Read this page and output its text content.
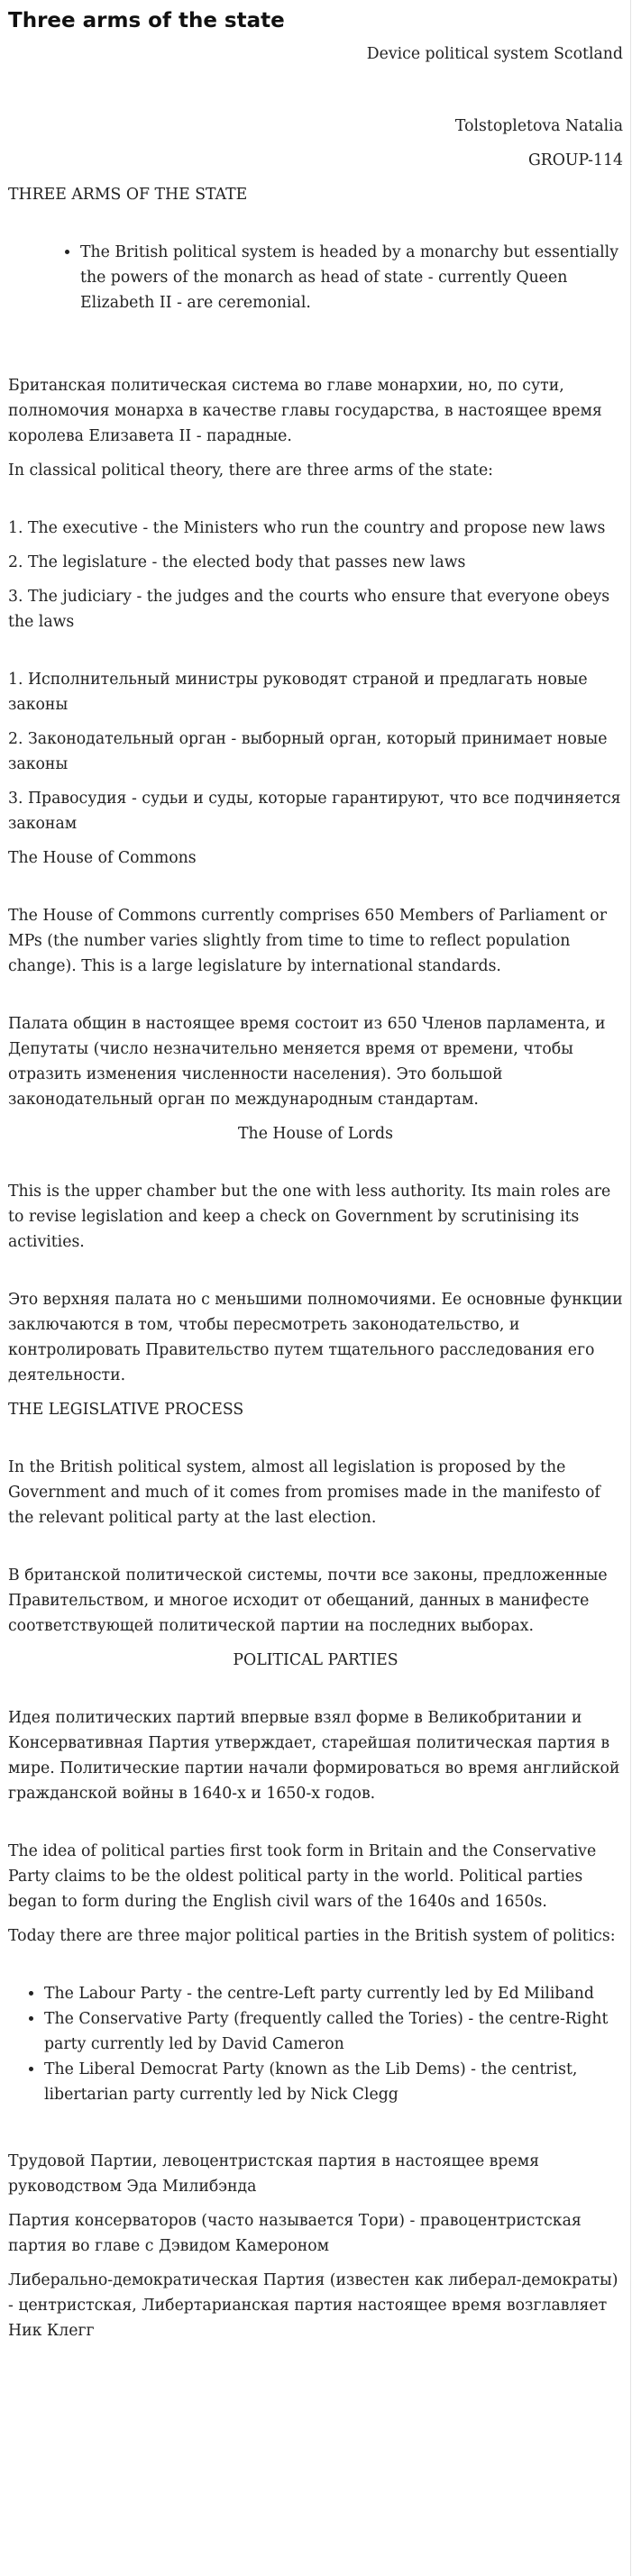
Three arms of the state

Device political system Scotland

Tolstopletova Natalia

GROUP-114

THREE ARMS OF THE STATE

• The British political system is headed by a monarchy but essentially the powers of the monarch as head of state - currently Queen Elizabeth II - are ceremonial.

Британская политическая система во главе монархии, но, по сути, полномочия монарха в качестве главы государства, в настоящее время королева Елизавета II - парадные.

In classical political theory, there are three arms of the state:

1. The executive - the Ministers who run the country and propose new laws

2. The legislature - the elected body that passes new laws

3. The judiciary - the judges and the courts who ensure that everyone obeys the laws

1. Исполнительный министры руководят страной и предлагать новые законы

2. Законодательный орган - выборный орган, который принимает новые законы

3. Правосудия - судьи и суды, которые гарантируют, что все подчиняется законам

The House of Commons

The House of Commons currently comprises 650 Members of Parliament or MPs (the number varies slightly from time to time to reflect population change). This is a large legislature by international standards.

Палата общин в настоящее время состоит из 650 Членов парламента, и Депутаты (число незначительно меняется время от времени, чтобы отразить изменения численности населения). Это большой законодательный орган по международным стандартам.

The House of Lords

This is the upper chamber but the one with less authority. Its main roles are to revise legislation and keep a check on Government by scrutinising its activities.

Это верхняя палата но с меньшими полномочиями. Ее основные функции заключаются в том, чтобы пересмотреть законодательство, и контролировать Правительство путем тщательного расследования его деятельности.

THE LEGISLATIVE PROCESS

In the British political system, almost all legislation is proposed by the Government and much of it comes from promises made in the manifesto of the relevant political party at the last election.

В британской политической системы, почти все законы, предложенные Правительством, и многое исходит от обещаний, данных в манифесте соответствующей политической партии на последних выборах.

POLITICAL PARTIES

Идея политических партий впервые взял форме в Великобритании и Консервативная Партия утверждает, старейшая политическая партия в мире. Политические партии начали формироваться во время английской гражданской войны в 1640-х и 1650-х годов.

The idea of political parties first took form in Britain and the Conservative Party claims to be the oldest political party in the world. Political parties began to form during the English civil wars of the 1640s and 1650s.

Today there are three major political parties in the British system of politics:

• The Labour Party - the centre-Left party currently led by Ed Miliband
• The Conservative Party (frequently called the Tories) - the centre-Right party currently led by David Cameron
• The Liberal Democrat Party (known as the Lib Dems) - the centrist, libertarian party currently led by Nick Clegg

Трудовой Партии, левоцентристская партия в настоящее время руководством Эда Милибэнда

Партия консерваторов (часто называется Тори) - правоцентристская партия во главе с Дэвидом Камероном

Либерально-демократическая Партия (известен как либерал-демократы) - центристская, Либертарианская партия настоящее время возглавляет Ник Клегг
